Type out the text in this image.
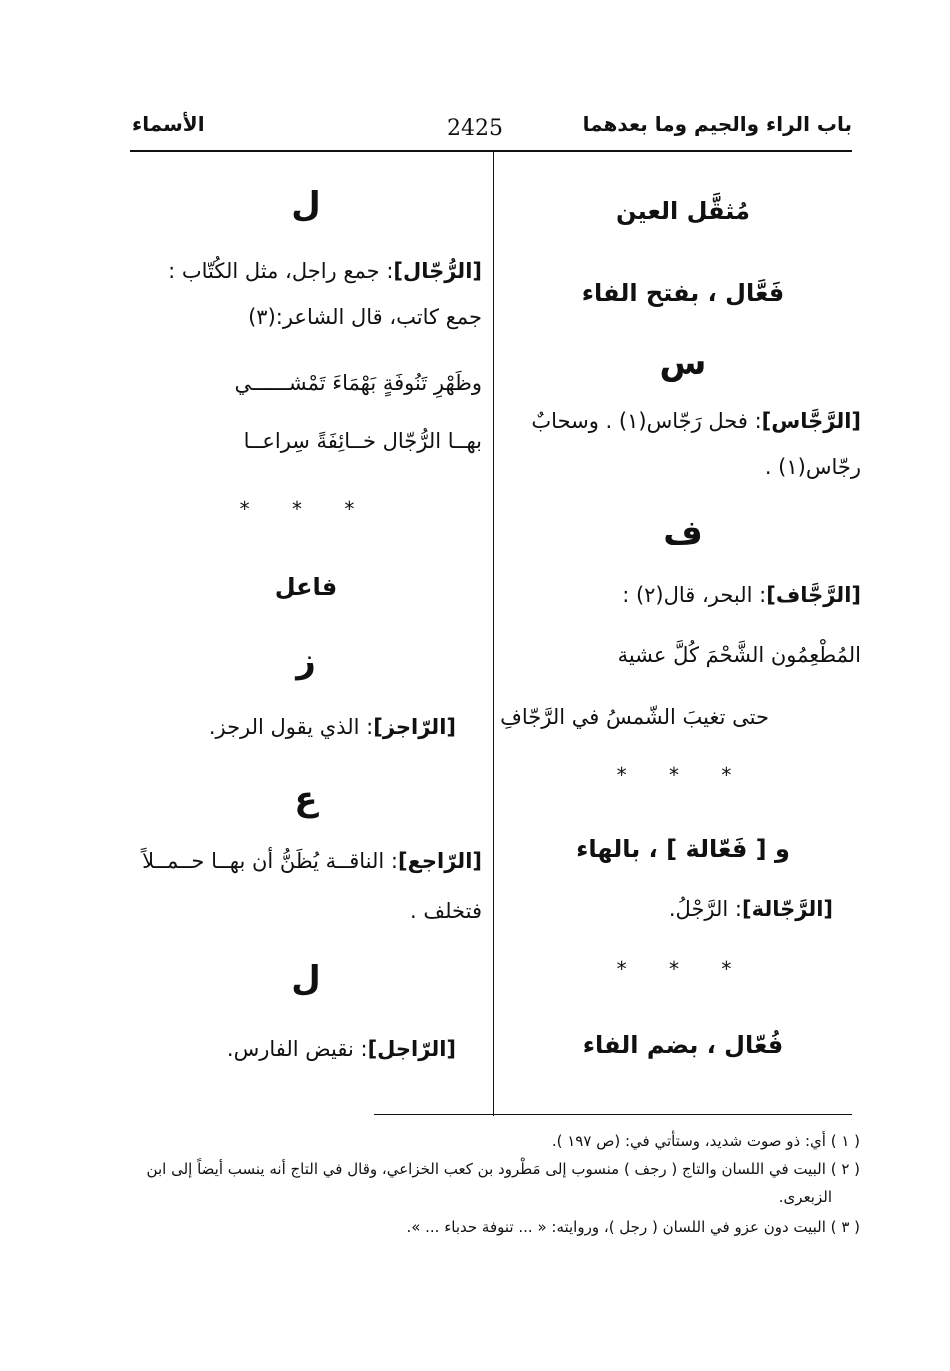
باب الراء والجيم وما بعدهما
2425
الأسماء
مُثقَّل العين
فَعَّال ، بفتح الفاء
س
[الرَّجَّاس]: فحل رَجّاس(١) . وسحابٌ
رجّاس(١) .
ف
[الرَّجَّاف]: البحر، قال(٢) :
المُطْعِمُون الشَّحْمَ كُلَّ عشية
حتى تغيبَ الشّمسُ في الرَّجّافِ
* * *
و [ فَعّالة ] ، بالهاء
[الرَّجّالة]: الرَّجْلُ.
* * *
فُعّال ، بضم الفاء
ل
[الرُّجّال]: جمع راجل، مثل الكُتّاب :
جمع كاتب، قال الشاعر:(٣)
وظَهْرِ تَنُوفَةٍ بَهْمَاءَ تَمْشــــــي
بهــا الرُّجّال خــائِفَةً سِراعــا
* * *
فاعل
ز
[الرّاجز]: الذي يقول الرجز.
ع
[الرّاجع]: الناقــة يُظَنُّ أن بهــا حــمــلاً
فتخلف .
ل
[الرّاجل]: نقيض الفارس.
( ١ ) أي: ذو صوت شديد، وستأتي في: (ص ١٩٧ ).
( ٢ ) البيت في اللسان والتاج ( رجف ) منسوب إلى مَطْرود بن كعب الخزاعي، وقال في التاج أنه ينسب أيضاً إلى ابن
الزبعرى.
( ٣ ) البيت دون عزو في اللسان ( رجل )، وروايته: « ... تنوفة حدباء ... ».
